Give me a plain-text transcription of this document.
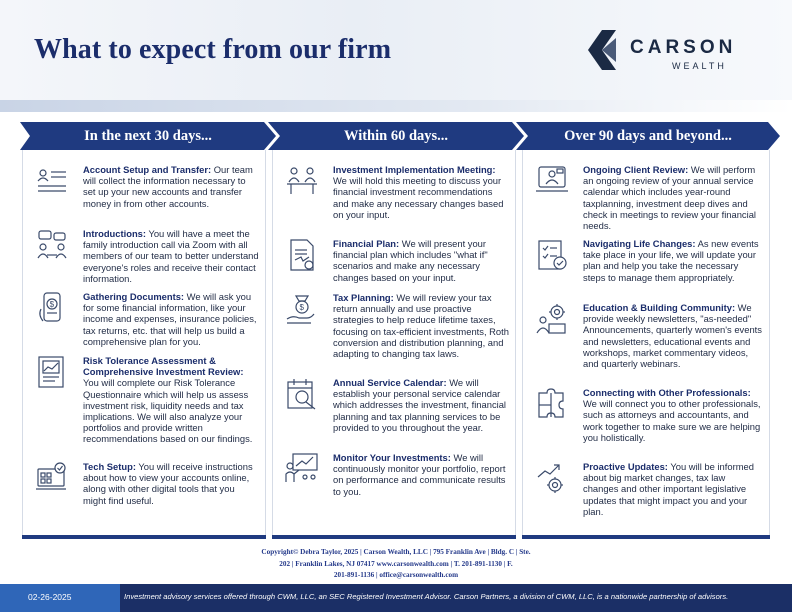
What to expect from our firm	CARSON
WEALTH
In the next 30 days...	Within 60 days...	Over 90 days and beyond...
Account Setup and Transfer: Our team will collect the information necessary to set up your new accounts and transfer money in from other accounts.
Introductions: You will have a meet the family introduction call via Zoom with all members of our team to better understand everyone's roles and receive their contact information.
$
Gathering Documents: We will ask you for some financial information, like your income and expenses, insurance policies, tax returns, etc. that will help us build a comprehensive plan for you.
Risk Tolerance Assessment & Comprehensive Investment Review: You will complete our Risk Tolerance Questionnaire which will help us assess investment risk, liquidity needs and tax implications. We will also analyze your portfolios and provide written recommendations based on our findings.
Tech Setup: You will receive instructions about how to view your accounts online, along with other digital tools that you might find useful.
Investment Implementation Meeting: We will hold this meeting to discuss your financial investment recommendations and make any necessary changes based on your input.
Financial Plan: We will present your financial plan which includes "what if" scenarios and make any necessary changes based on your input.
$
Tax Planning: We will review your tax return annually and use proactive strategies to help reduce lifetime taxes, focusing on tax-efficient investments, Roth conversion and distribution planning, and adapting to changing tax laws.
Annual Service Calendar: We will establish your personal service calendar which addresses the investment, financial planning and tax planning services to be provided to you throughout the year.
Monitor Your Investments: We will continuously monitor your portfolio, report on performance and communicate results to you.
Ongoing Client Review: We will perform an ongoing review of your annual service calendar which includes year-round taxplanning, investment deep dives and check in meetings to review your financial needs.
Navigating Life Changes: As new events take place in your life, we will update your plan and help you take the necessary steps to manage them appropriately.
Education & Building Community: We provide weekly newsletters, "as-needed" Announcements, quarterly women's events and newsletters, educational events and workshops, market commentary videos, and quarterly webinars.
Connecting with Other Professionals: We will connect you to other professionals, such as attorneys and accountants, and work together to make sure we are helping you holistically.
Proactive Updates: You will be informed about big market changes, tax law changes and other important legislative updates that might impact you and your plan.
Copyright© Debra Taylor, 2025 | Carson Wealth, LLC | 795 Franklin Ave | Bldg. C | Ste.
202 | Franklin Lakes, NJ 07417 www.carsonwealth.com | T. 201-891-1130 | F.
201-891-1136 | office@carsonwealth.com
02-26-2025	Investment advisory services offered through CWM, LLC, an SEC Registered Investment Advisor. Carson Partners, a division of CWM, LLC, is a nationwide partnership of advisors.
